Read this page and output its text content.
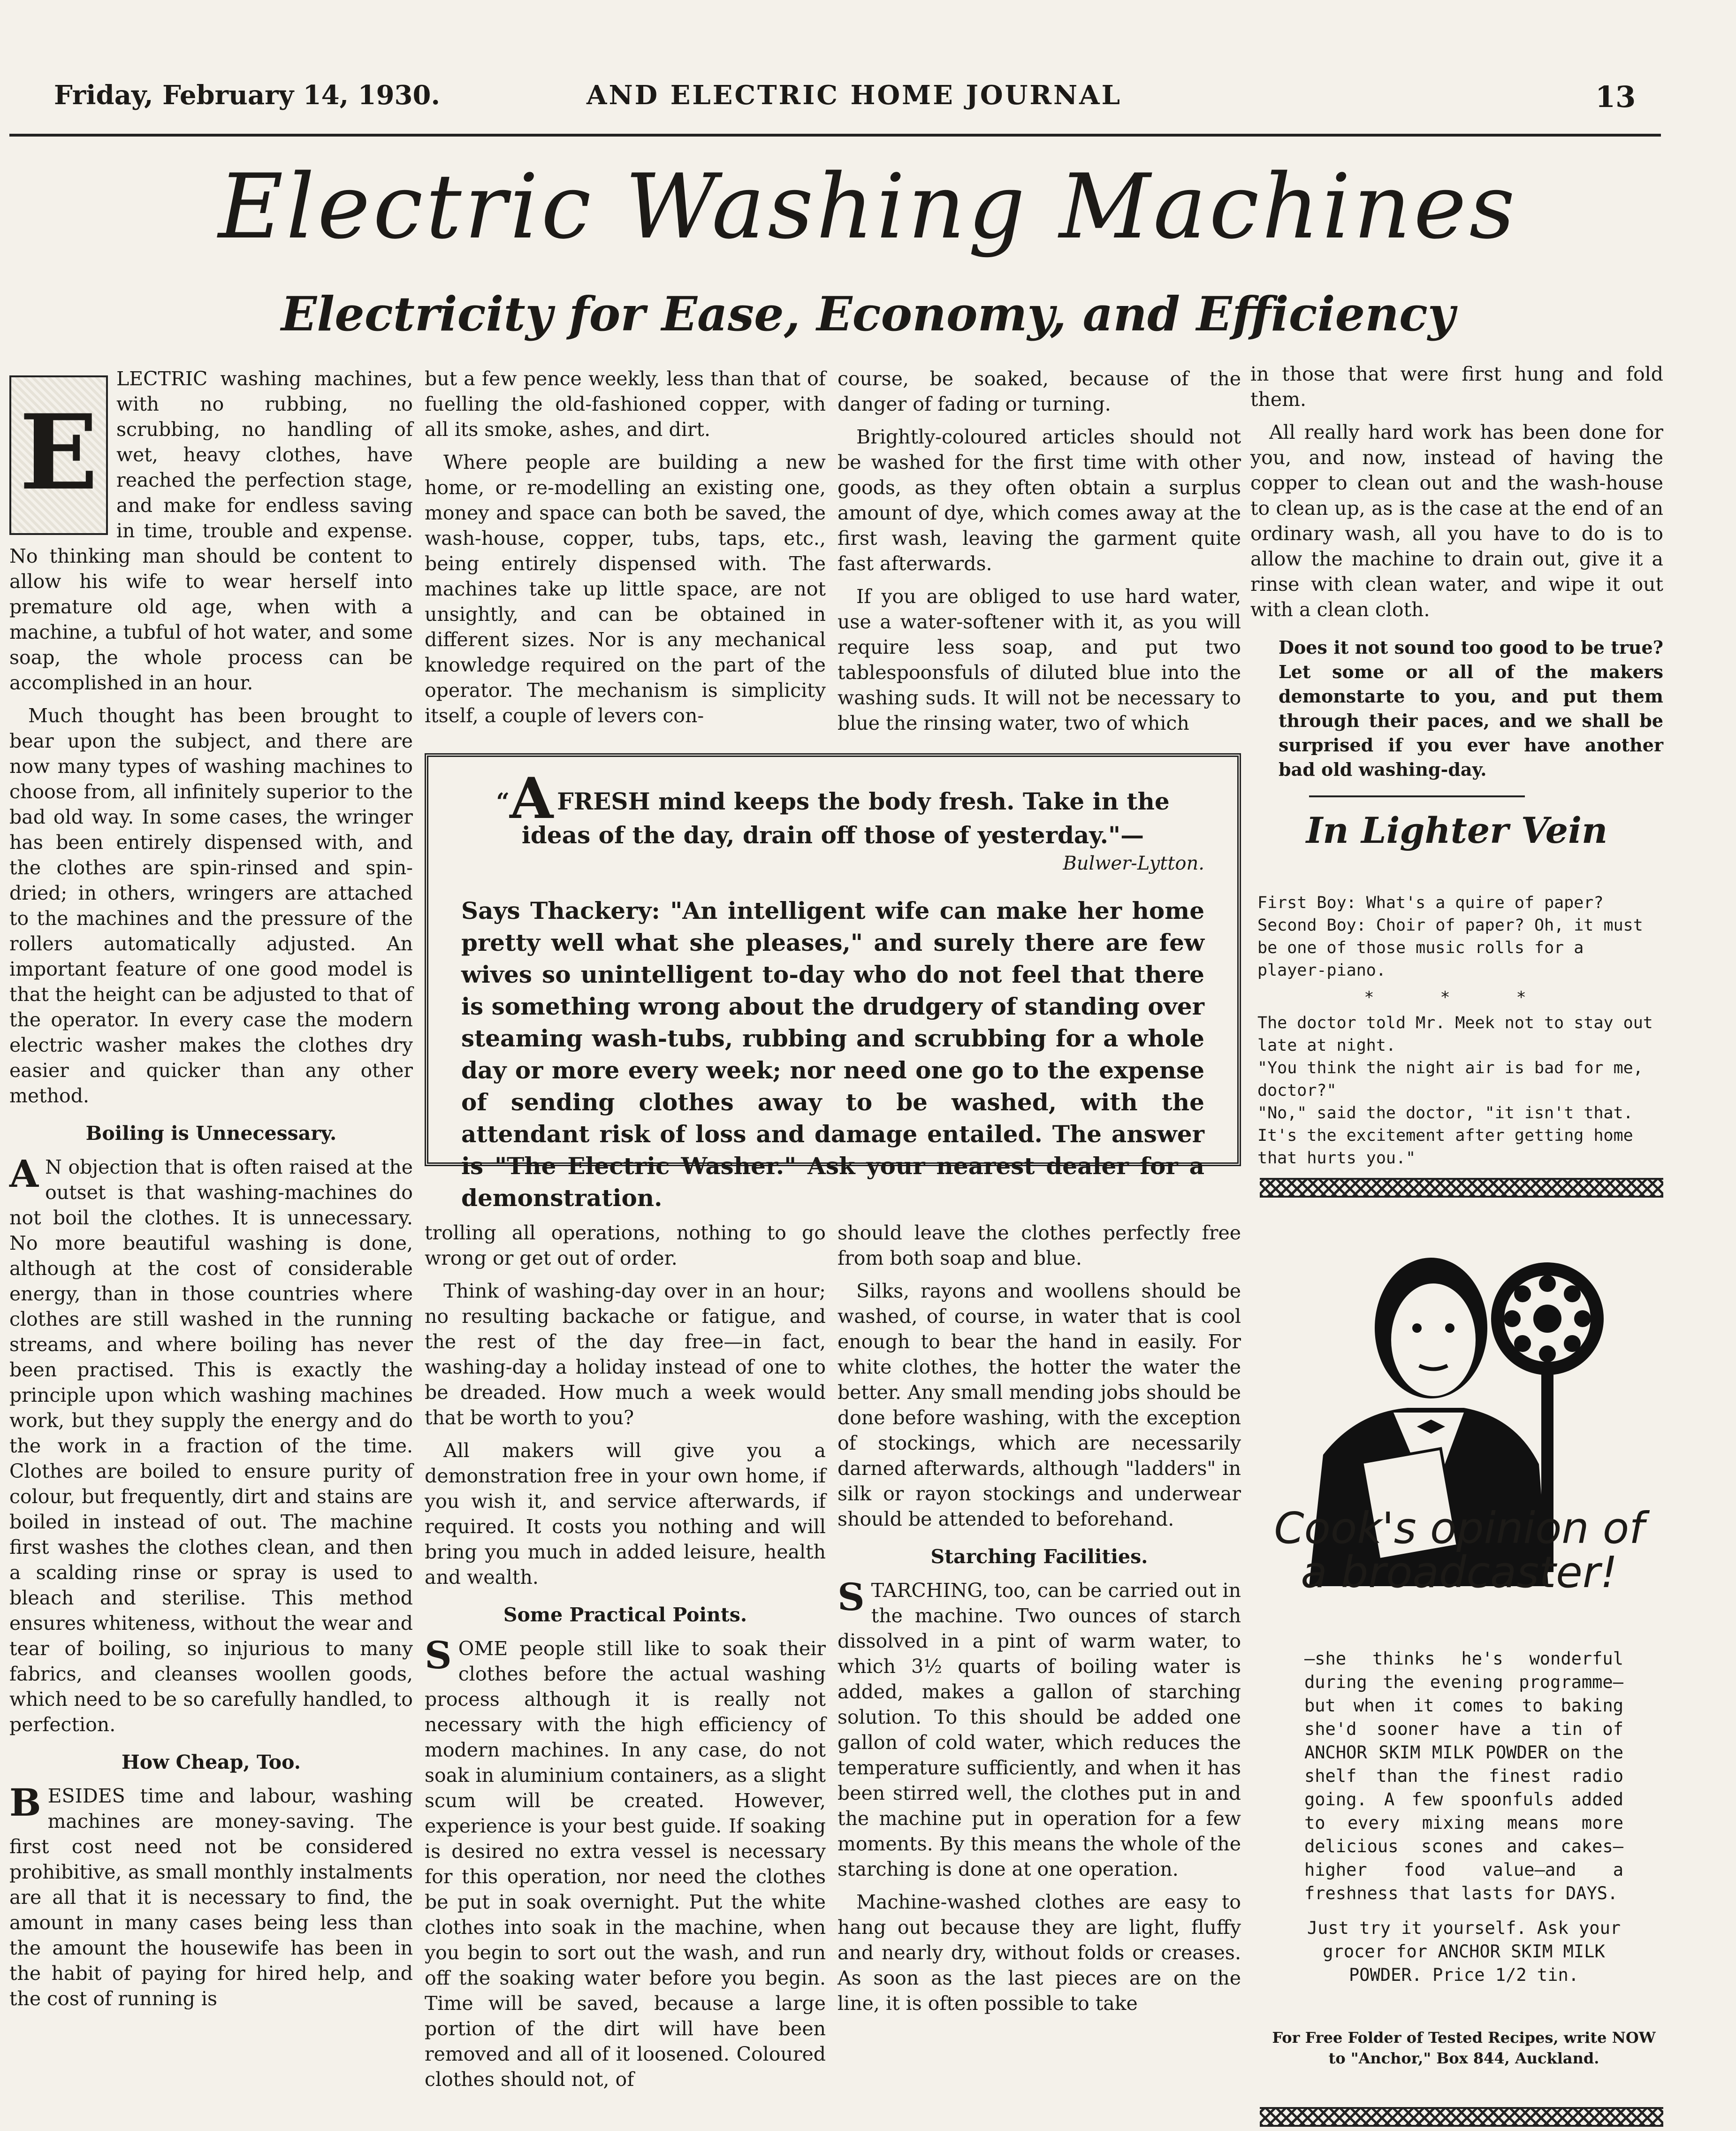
Friday, February 14, 1930.	AND ELECTRIC HOME JOURNAL	13
Electric Washing Machines
Electricity for Ease, Economy, and Efficiency
E

LECTRIC washing machines, with no rubbing, no scrubbing, no handling of wet, heavy clothes, have reached the perfection stage, and make for endless saving in time, trouble and expense. No thinking man should be content to allow his wife to wear herself into premature old age, when with a machine, a tubful of hot water, and some soap, the whole process can be accomplished in an hour.

Much thought has been brought to bear upon the subject, and there are now many types of washing machines to choose from, all infinitely superior to the bad old way. In some cases, the wringer has been entirely dispensed with, and the clothes are spin-rinsed and spin-dried; in others, wringers are attached to the machines and the pressure of the rollers automatically adjusted. An important feature of one good model is that the height can be adjusted to that of the operator. In every case the modern electric washer makes the clothes dry easier and quicker than any other method.

Boiling is Unnecessary.

A N objection that is often raised at the outset is that washing-machines do not boil the clothes. It is unnecessary. No more beautiful washing is done, although at the cost of considerable energy, than in those countries where clothes are still washed in the running streams, and where boiling has never been practised. This is exactly the principle upon which washing machines work, but they supply the energy and do the work in a fraction of the time. Clothes are boiled to ensure purity of colour, but frequently, dirt and stains are boiled in instead of out. The machine first washes the clothes clean, and then a scalding rinse or spray is used to bleach and sterilise. This method ensures whiteness, without the wear and tear of boiling, so injurious to many fabrics, and cleanses woollen goods, which need to be so carefully handled, to perfection.

How Cheap, Too.

BESIDES time and labour, washing machines are money-saving. The first cost need not be considered prohibitive, as small monthly instalments are all that it is necessary to find, the amount in many cases being less than the amount the housewife has been in the habit of paying for hired help, and the cost of running is

but a few pence weekly, less than that of fuelling the old-fashioned copper, with all its smoke, ashes, and dirt.

Where people are building a new home, or re-modelling an existing one, money and space can both be saved, the wash-house, copper, tubs, taps, etc., being entirely dispensed with. The machines take up little space, are not unsightly, and can be obtained in different sizes. Nor is any mechanical knowledge required on the part of the operator. The mechanism is simplicity itself, a couple of levers con-

course, be soaked, because of the danger of fading or turning.

Brightly-coloured articles should not be washed for the first time with other goods, as they often obtain a surplus amount of dye, which comes away at the first wash, leaving the garment quite fast afterwards.

If you are obliged to use hard water, use a water-softener with it, as you will require less soap, and put two tablespoonsfuls of diluted blue into the washing suds. It will not be necessary to blue the rinsing water, two of which

in those that were first hung and fold them.

All really hard work has been done for you, and now, instead of having the copper to clean out and the wash-house to clean up, as is the case at the end of an ordinary wash, all you have to do is to allow the machine to drain out, give it a rinse with clean water, and wipe it out with a clean cloth.

Does it not sound too good to be true? Let some or all of the makers demonstarte to you, and put them through their paces, and we shall be surprised if you ever have another bad old washing-day.
“A FRESH mind keeps the body fresh. Take in the ideas of the day, drain off those of yesterday."—
Bulwer-Lytton.
Says Thackery: "An intelligent wife can make her home pretty well what she pleases," and surely there are few wives so unintelligent to-day who do not feel that there is something wrong about the drudgery of standing over steaming wash-tubs, rubbing and scrubbing for a whole day or more every week; nor need one go to the expense of sending clothes away to be washed, with the attendant risk of loss and damage entailed. The answer is "The Electric Washer." Ask your nearest dealer for a demonstration.
In Lighter Vein

First Boy: What's a quire of paper? Second Boy: Choir of paper? Oh, it must be one of those music rolls for a player-piano.

* * *

The doctor told Mr. Meek not to stay out late at night.
"You think the night air is bad for me, doctor?"
"No," said the doctor, "it isn't that. It's the excitement after getting home that hurts you."

trolling all operations, nothing to go wrong or get out of order.

Think of washing-day over in an hour; no resulting backache or fatigue, and the rest of the day free—in fact, washing-day a holiday instead of one to be dreaded. How much a week would that be worth to you?

All makers will give you a demonstration free in your own home, if you wish it, and service afterwards, if required. It costs you nothing and will bring you much in added leisure, health and wealth.

Some Practical Points.

SOME people still like to soak their clothes before the actual washing process although it is really not necessary with the high efficiency of modern machines. In any case, do not soak in aluminium containers, as a slight scum will be created. However, experience is your best guide. If soaking is desired no extra vessel is necessary for this operation, nor need the clothes be put in soak overnight. Put the white clothes into soak in the machine, when you begin to sort out the wash, and run off the soaking water before you begin. Time will be saved, because a large portion of the dirt will have been removed and all of it loosened. Coloured clothes should not, of

should leave the clothes perfectly free from both soap and blue.

Silks, rayons and woollens should be washed, of course, in water that is cool enough to bear the hand in easily. For white clothes, the hotter the water the better. Any small mending jobs should be done before washing, with the exception of stockings, which are necessarily darned afterwards, although "ladders" in silk or rayon stockings and underwear should be attended to beforehand.

Starching Facilities.

STARCHING, too, can be carried out in the machine. Two ounces of starch dissolved in a pint of warm water, to which 3½ quarts of boiling water is added, makes a gallon of starching solution. To this should be added one gallon of cold water, which reduces the temperature sufficiently, and when it has been stirred well, the clothes put in and the machine put in operation for a few moments. By this means the whole of the starching is done at one operation.

Machine-washed clothes are easy to hang out because they are light, fluffy and nearly dry, without folds or creases. As soon as the last pieces are on the line, it is often possible to take

Cook's opinion of a broadcaster!

—she thinks he's wonderful during the evening programme—but when it comes to baking she'd sooner have a tin of ANCHOR SKIM MILK POWDER on the shelf than the finest radio going. A few spoonfuls added to every mixing means more delicious scones and cakes—higher food value—and a freshness that lasts for DAYS.

Just try it yourself. Ask your grocer for ANCHOR SKIM MILK POWDER. Price 1/2 tin.

For Free Folder of Tested Recipes, write NOW to "Anchor," Box 844, Auckland.
